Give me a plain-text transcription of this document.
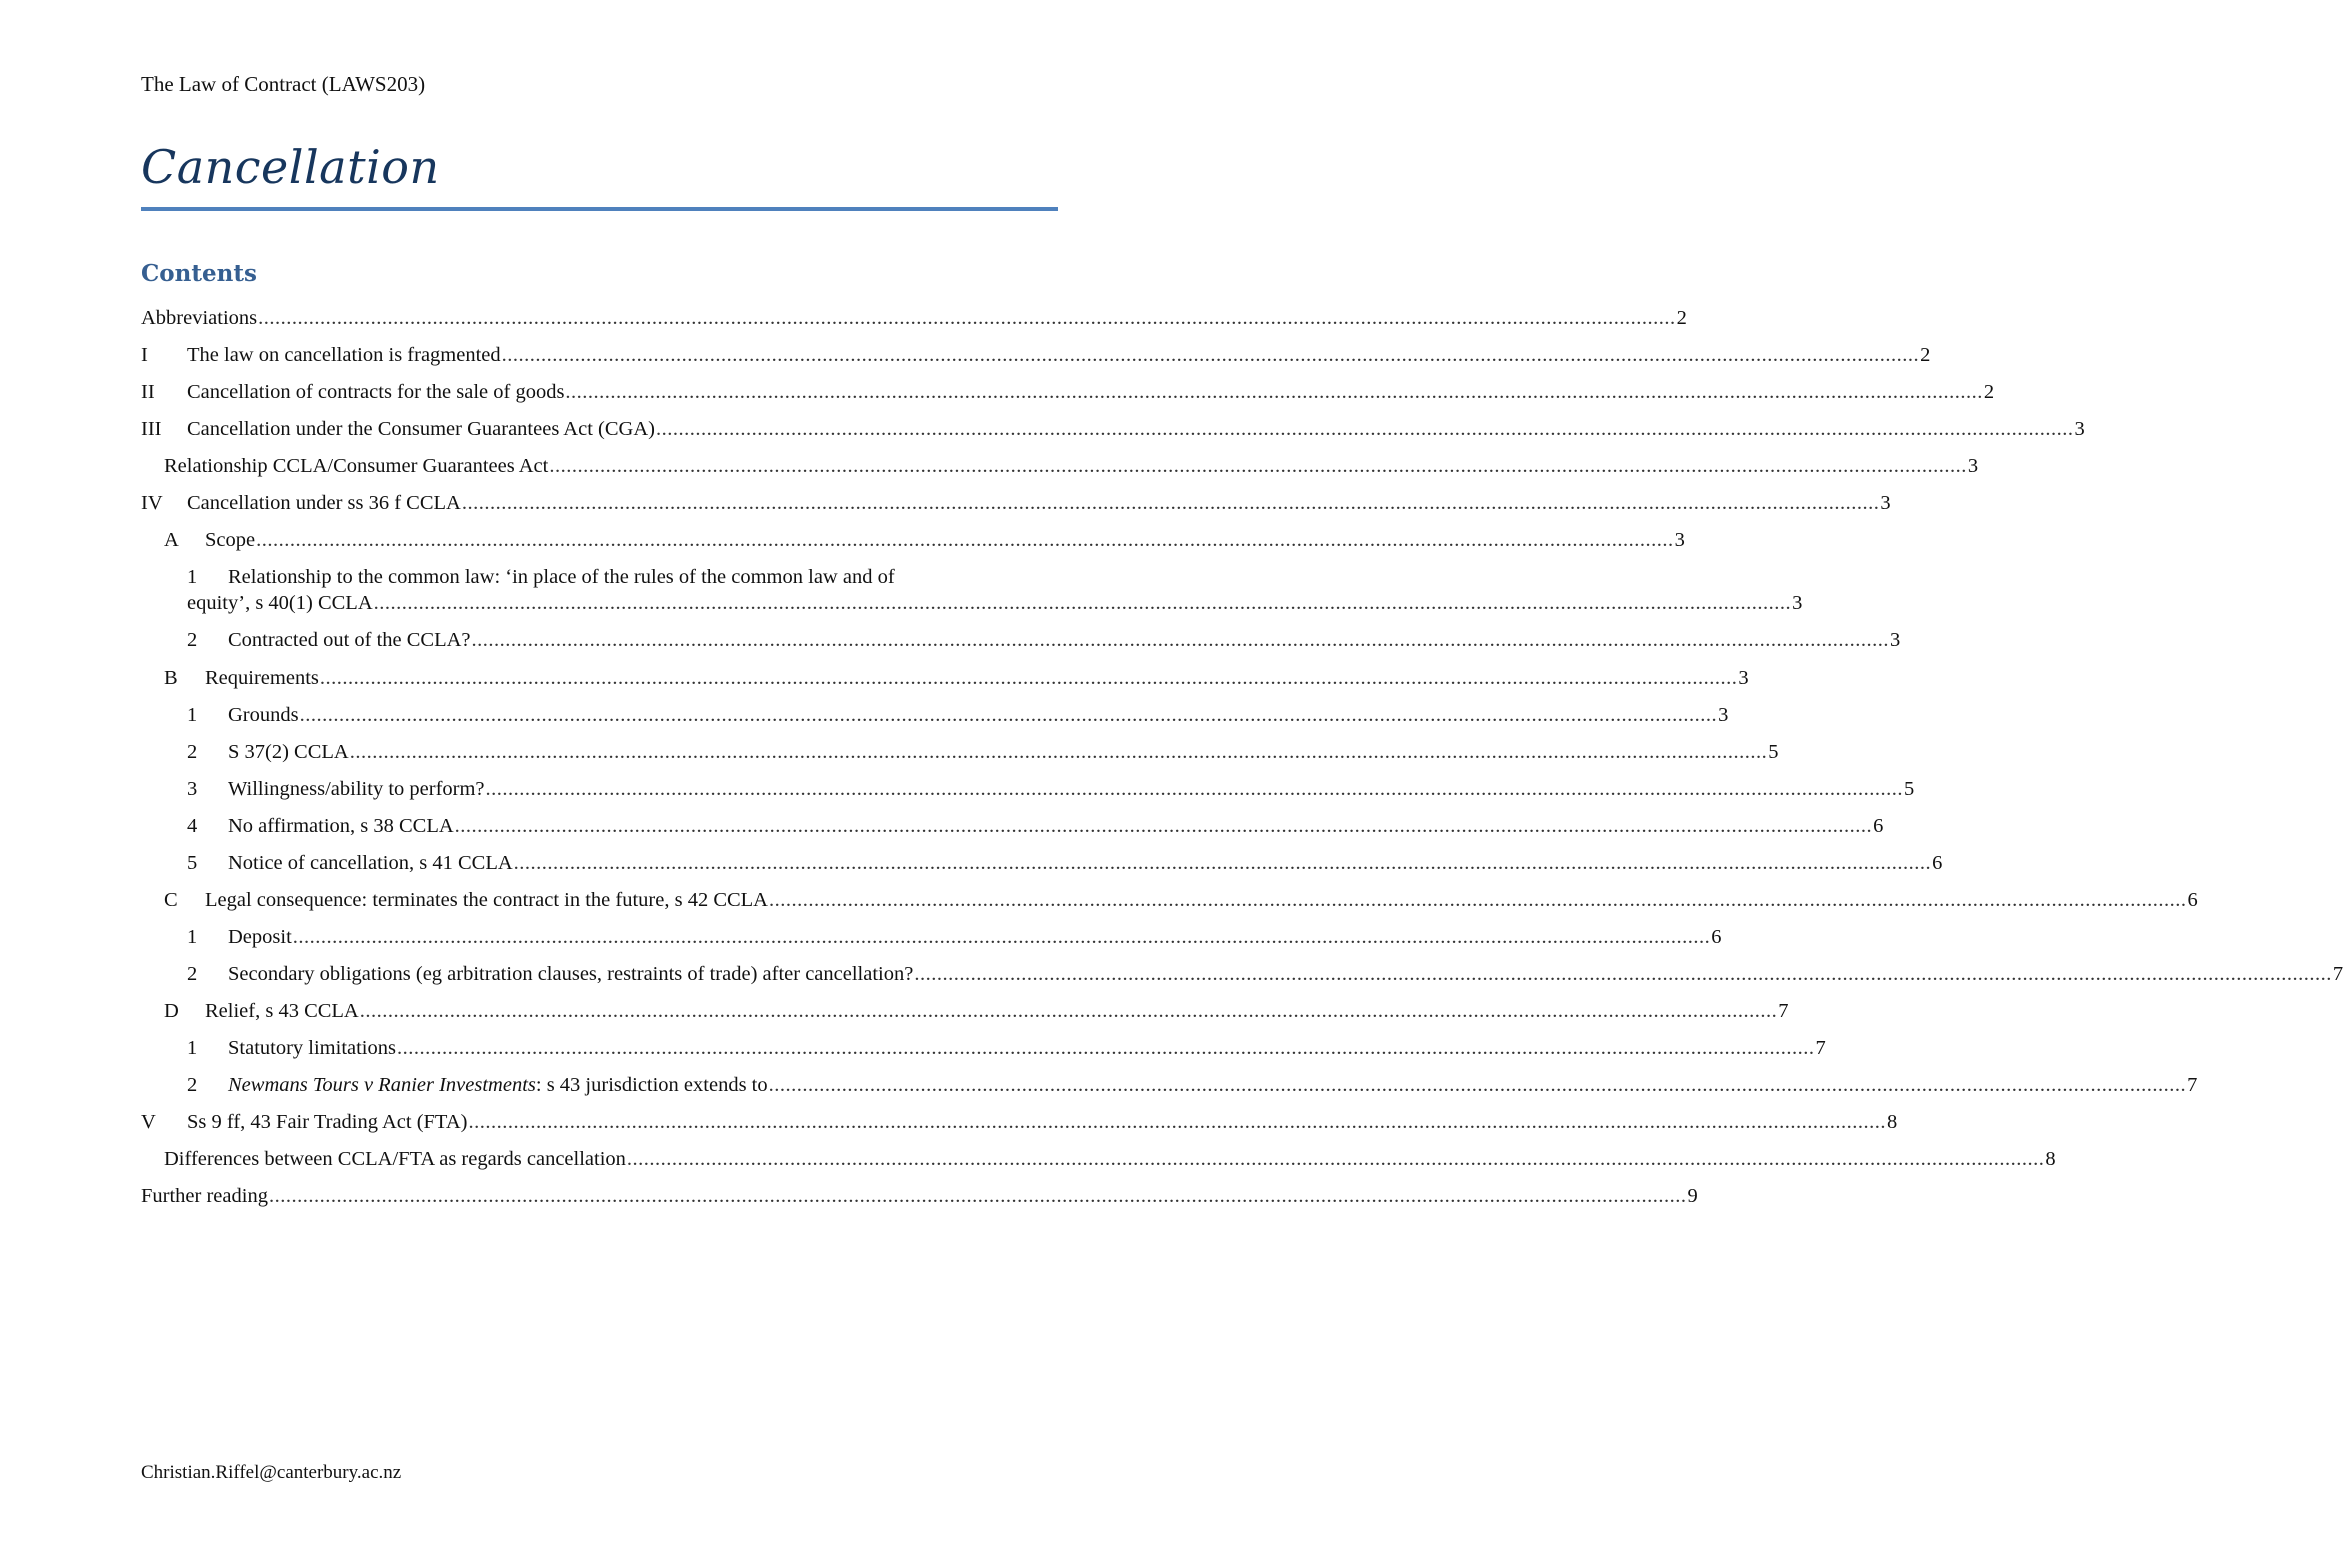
The Law of Contract (LAWS203)
Cancellation
Contents
Abbreviations .....	2
I	The law on cancellation is fragmented .....	2
II	Cancellation of contracts for the sale of goods .....	2
III	Cancellation under the Consumer Guarantees Act (CGA) .....	3
Relationship CCLA/Consumer Guarantees Act .....	3
IV	Cancellation under ss 36 f CCLA .....	3
A	Scope .....	3
1	Relationship to the common law: ‘in place of the rules of the common law and of
equity’, s 40(1) CCLA .....	3
2	Contracted out of the CCLA? .....	3
B	Requirements .....	3
1	Grounds .....	3
2	S 37(2) CCLA .....	5
3	Willingness/ability to perform? .....	5
4	No affirmation, s 38 CCLA .....	6
5	Notice of cancellation, s 41 CCLA .....	6
C	Legal consequence: terminates the contract in the future, s 42 CCLA .....	6
1	Deposit .....	6
2	Secondary obligations (eg arbitration clauses, restraints of trade) after cancellation? .....	7
D	Relief, s 43 CCLA .....	7
1	Statutory limitations .....	7
2	Newmans Tours v Ranier Investments: s 43 jurisdiction extends to .....	7
V	Ss 9 ff, 43 Fair Trading Act (FTA) .....	8
Differences between CCLA/FTA as regards cancellation .....	8
Further reading .....	9
Christian.Riffel@canterbury.ac.nz
